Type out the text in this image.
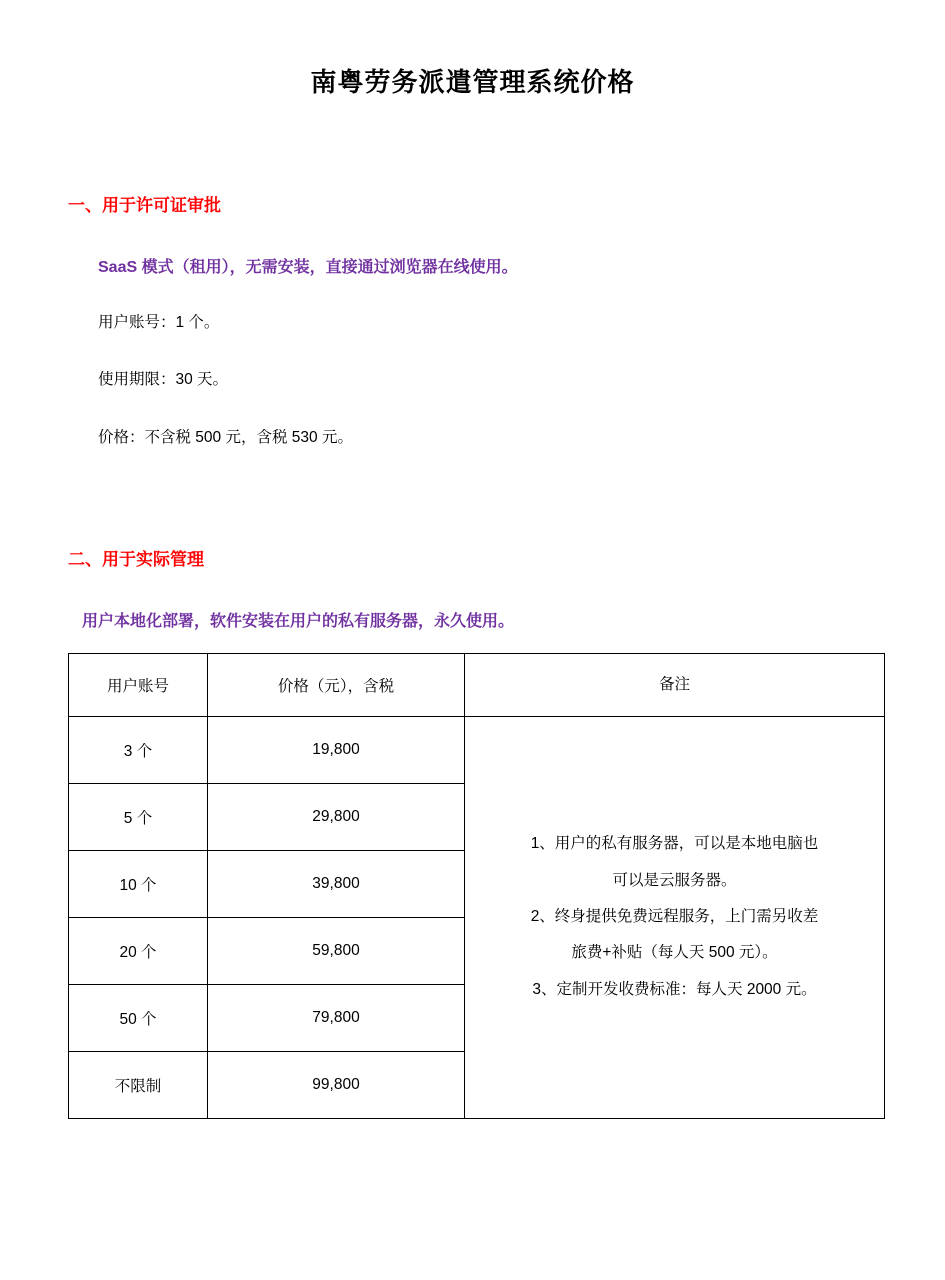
南粤劳务派遣管理系统价格
一、用于许可证审批
SaaS 模式（租用），无需安装，直接通过浏览器在线使用。
用户账号：1 个。
使用期限：30 天。
价格：不含税 500 元，含税 530 元。
二、用于实际管理
用户本地化部署，软件安装在用户的私有服务器，永久使用。
用户账号	价格（元），含税	备注
3 个	19,800	1、用户的私有服务器，可以是本地电脑也
可以是云服务器。
2、终身提供免费远程服务，上门需另收差
旅费+补贴（每人天 500 元）。
3、定制开发收费标准：每人天 2000 元。

5 个	29,800	
10 个	39,800	
20 个	59,800	
50 个	79,800	
不限制	99,800	
